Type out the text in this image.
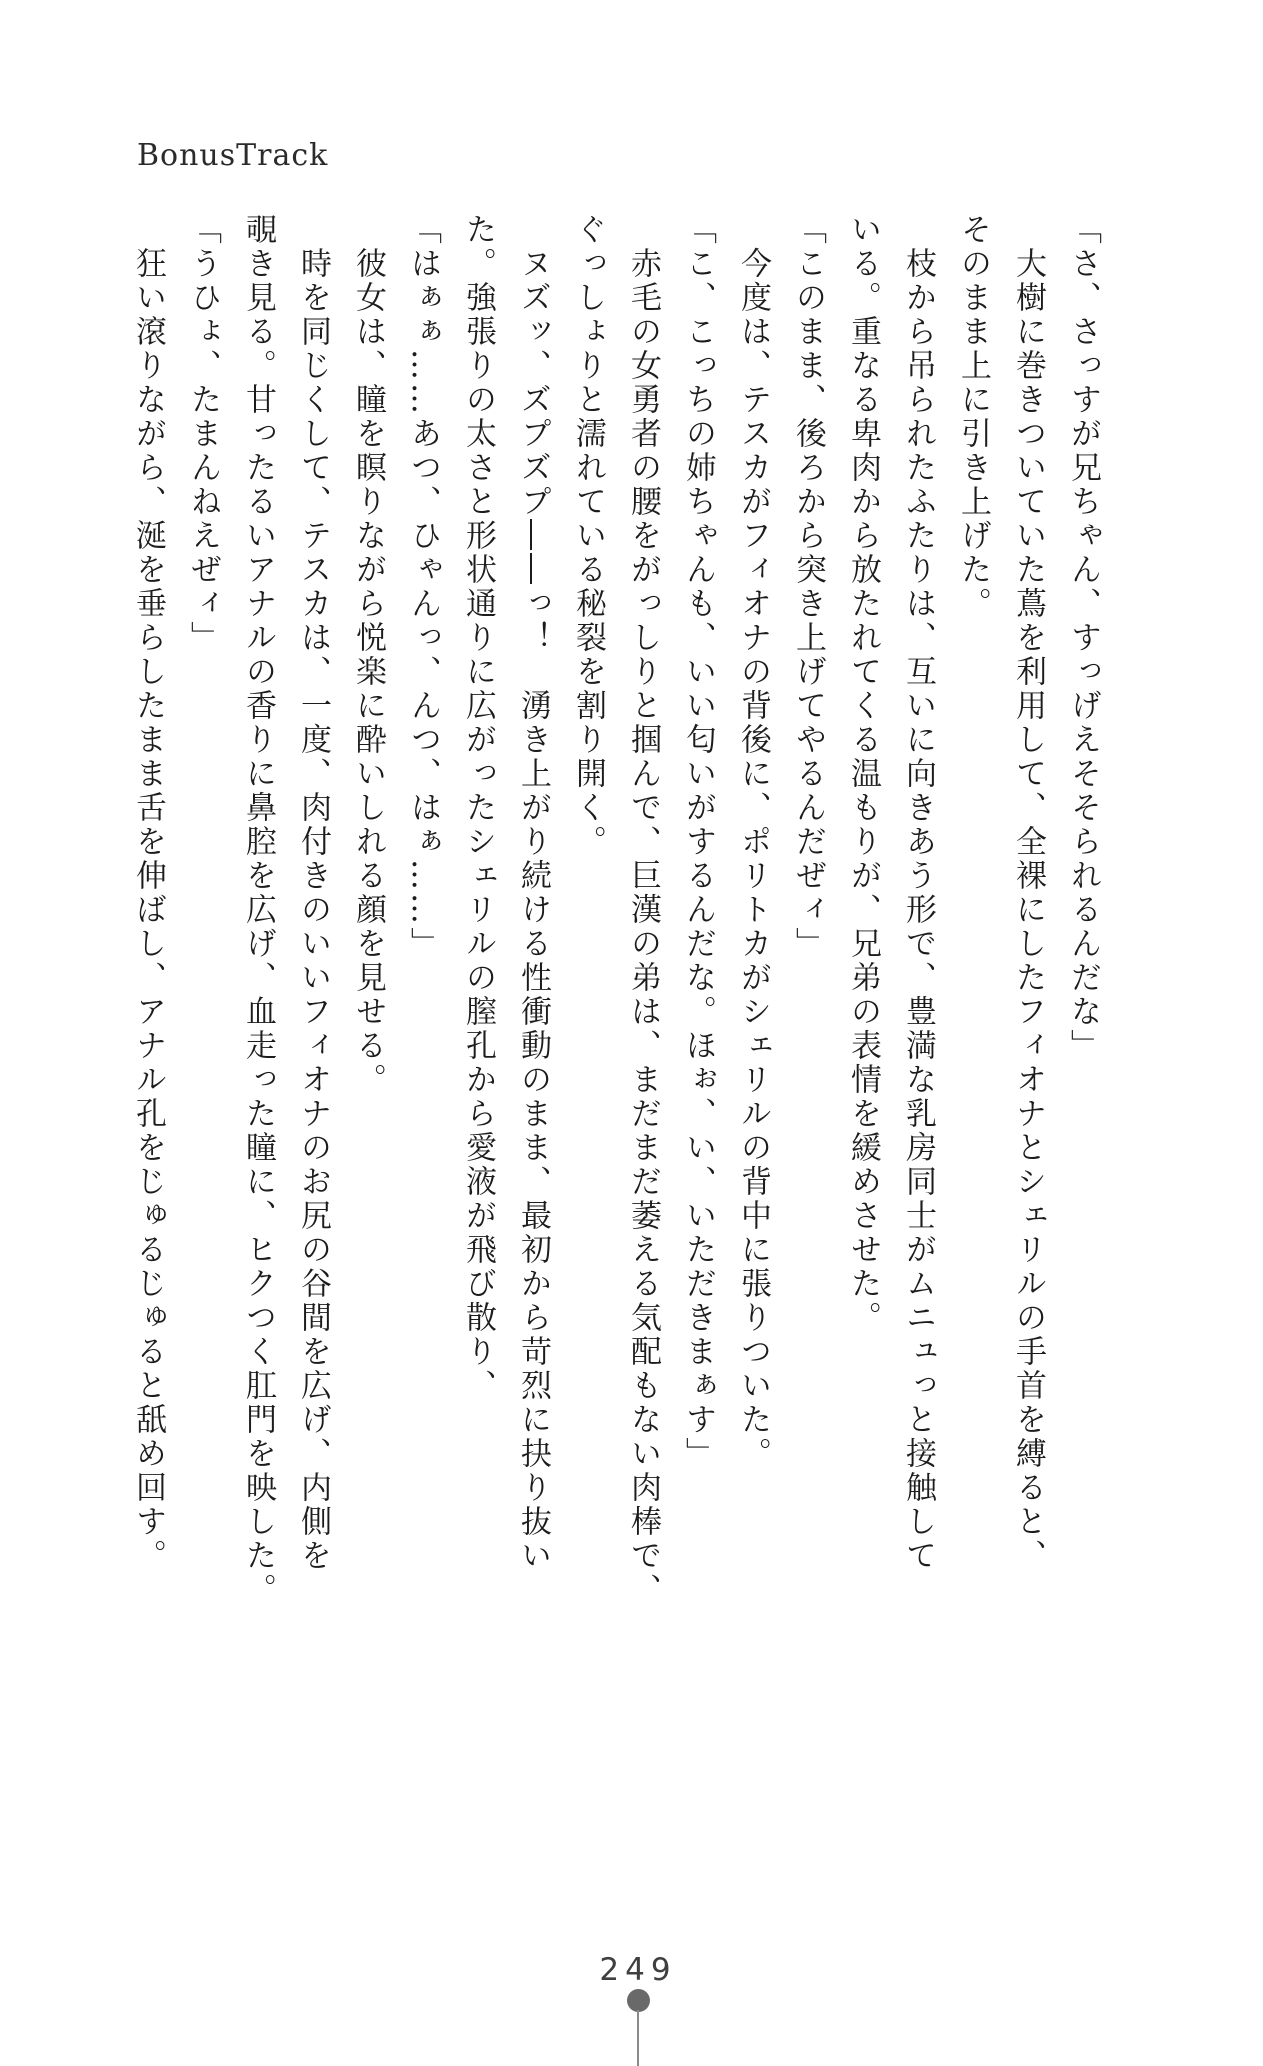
BonusTrack

「さ、さっすが兄ちゃん、すっげえそそられるんだな」

大樹に巻きついていた蔦を利用して、全裸にしたフィオナとシェリルの手首を縛ると、

そのまま上に引き上げた。

枝から吊られたふたりは、互いに向きあう形で、豊満な乳房同士がムニュっと接触して

いる。重なる卑肉から放たれてくる温もりが、兄弟の表情を緩めさせた。

「このまま、後ろから突き上げてやるんだぜィ」

今度は、テスカがフィオナの背後に、ポリトカがシェリルの背中に張りついた。

「こ、こっちの姉ちゃんも、いい匂いがするんだな。ほぉ、い、いただきまぁす」

赤毛の女勇者の腰をがっしりと掴んで、巨漢の弟は、まだまだ萎える気配もない肉棒で、

ぐっしょりと濡れている秘裂を割り開く。

ヌズッ、ズプズプ――っ！　湧き上がり続ける性衝動のまま、最初から苛烈に抉り抜い

た。強張りの太さと形状通りに広がったシェリルの膣孔から愛液が飛び散り、

「はぁぁ……あつ、ひゃんっ、んつ、はぁ……」

彼女は、瞳を瞑りながら悦楽に酔いしれる顔を見せる。

時を同じくして、テスカは、一度、肉付きのいいフィオナのお尻の谷間を広げ、内側を

覗き見る。甘ったるいアナルの香りに鼻腔を広げ、血走った瞳に、ヒクつく肛門を映した。

「うひょ、たまんねえぜィ」

狂い滾りながら、涎を垂らしたまま舌を伸ばし、アナル孔をじゅるじゅると舐め回す。

249
